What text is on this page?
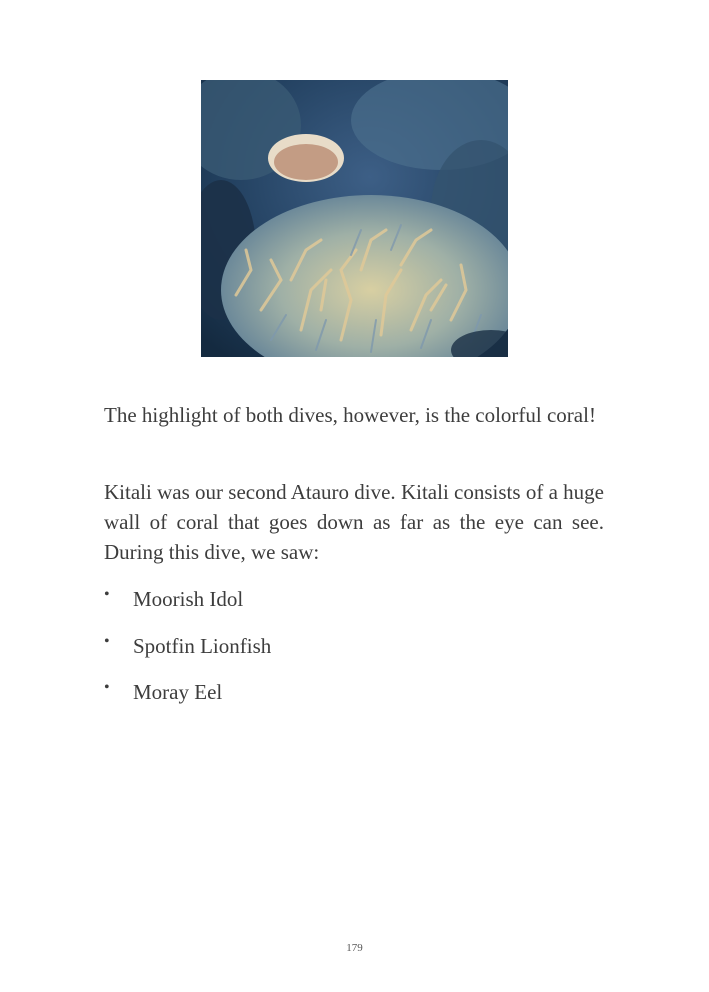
The highlight of both dives, however, is the colorful coral!

Kitali was our second Atauro dive. Kitali consists of a huge wall of coral that goes down as far as the eye can see. During this dive, we saw:

• Moorish Idol
• Spotfin Lionfish
• Moray Eel
179
